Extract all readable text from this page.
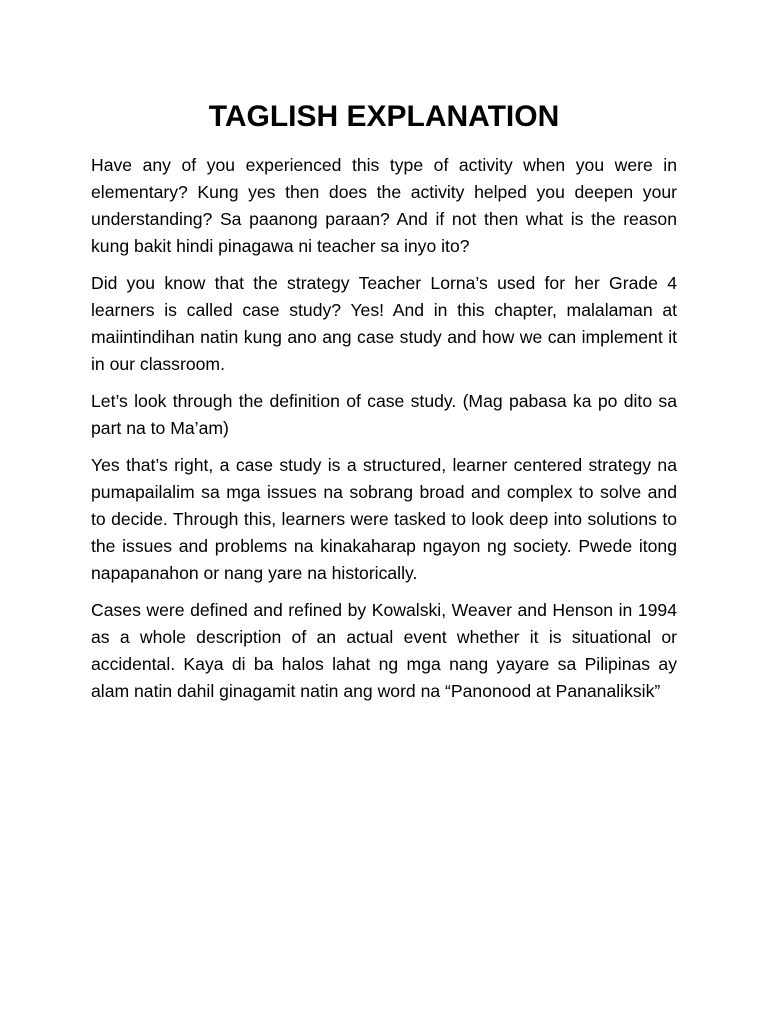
TAGLISH EXPLANATION

Have any of you experienced this type of activity when you were in elementary? Kung yes then does the activity helped you deepen your understanding? Sa paanong paraan? And if not then what is the reason kung bakit hindi pinagawa ni teacher sa inyo ito?

Did you know that the strategy Teacher Lorna’s used for her Grade 4 learners is called case study? Yes! And in this chapter, malalaman at maiintindihan natin kung ano ang case study and how we can implement it in our classroom.

Let’s look through the definition of case study. (Mag pabasa ka po dito sa part na to Ma’am)

Yes that’s right, a case study is a structured, learner centered strategy na pumapailalim sa mga issues na sobrang broad and complex to solve and to decide. Through this, learners were tasked to look deep into solutions to the issues and problems na kinakaharap ngayon ng society. Pwede itong napapanahon or nang yare na historically.

Cases were defined and refined by Kowalski, Weaver and Henson in 1994 as a whole description of an actual event whether it is situational or accidental. Kaya di ba halos lahat ng mga nang yayare sa Pilipinas ay alam natin dahil ginagamit natin ang word na “Panonood at Pananaliksik”
